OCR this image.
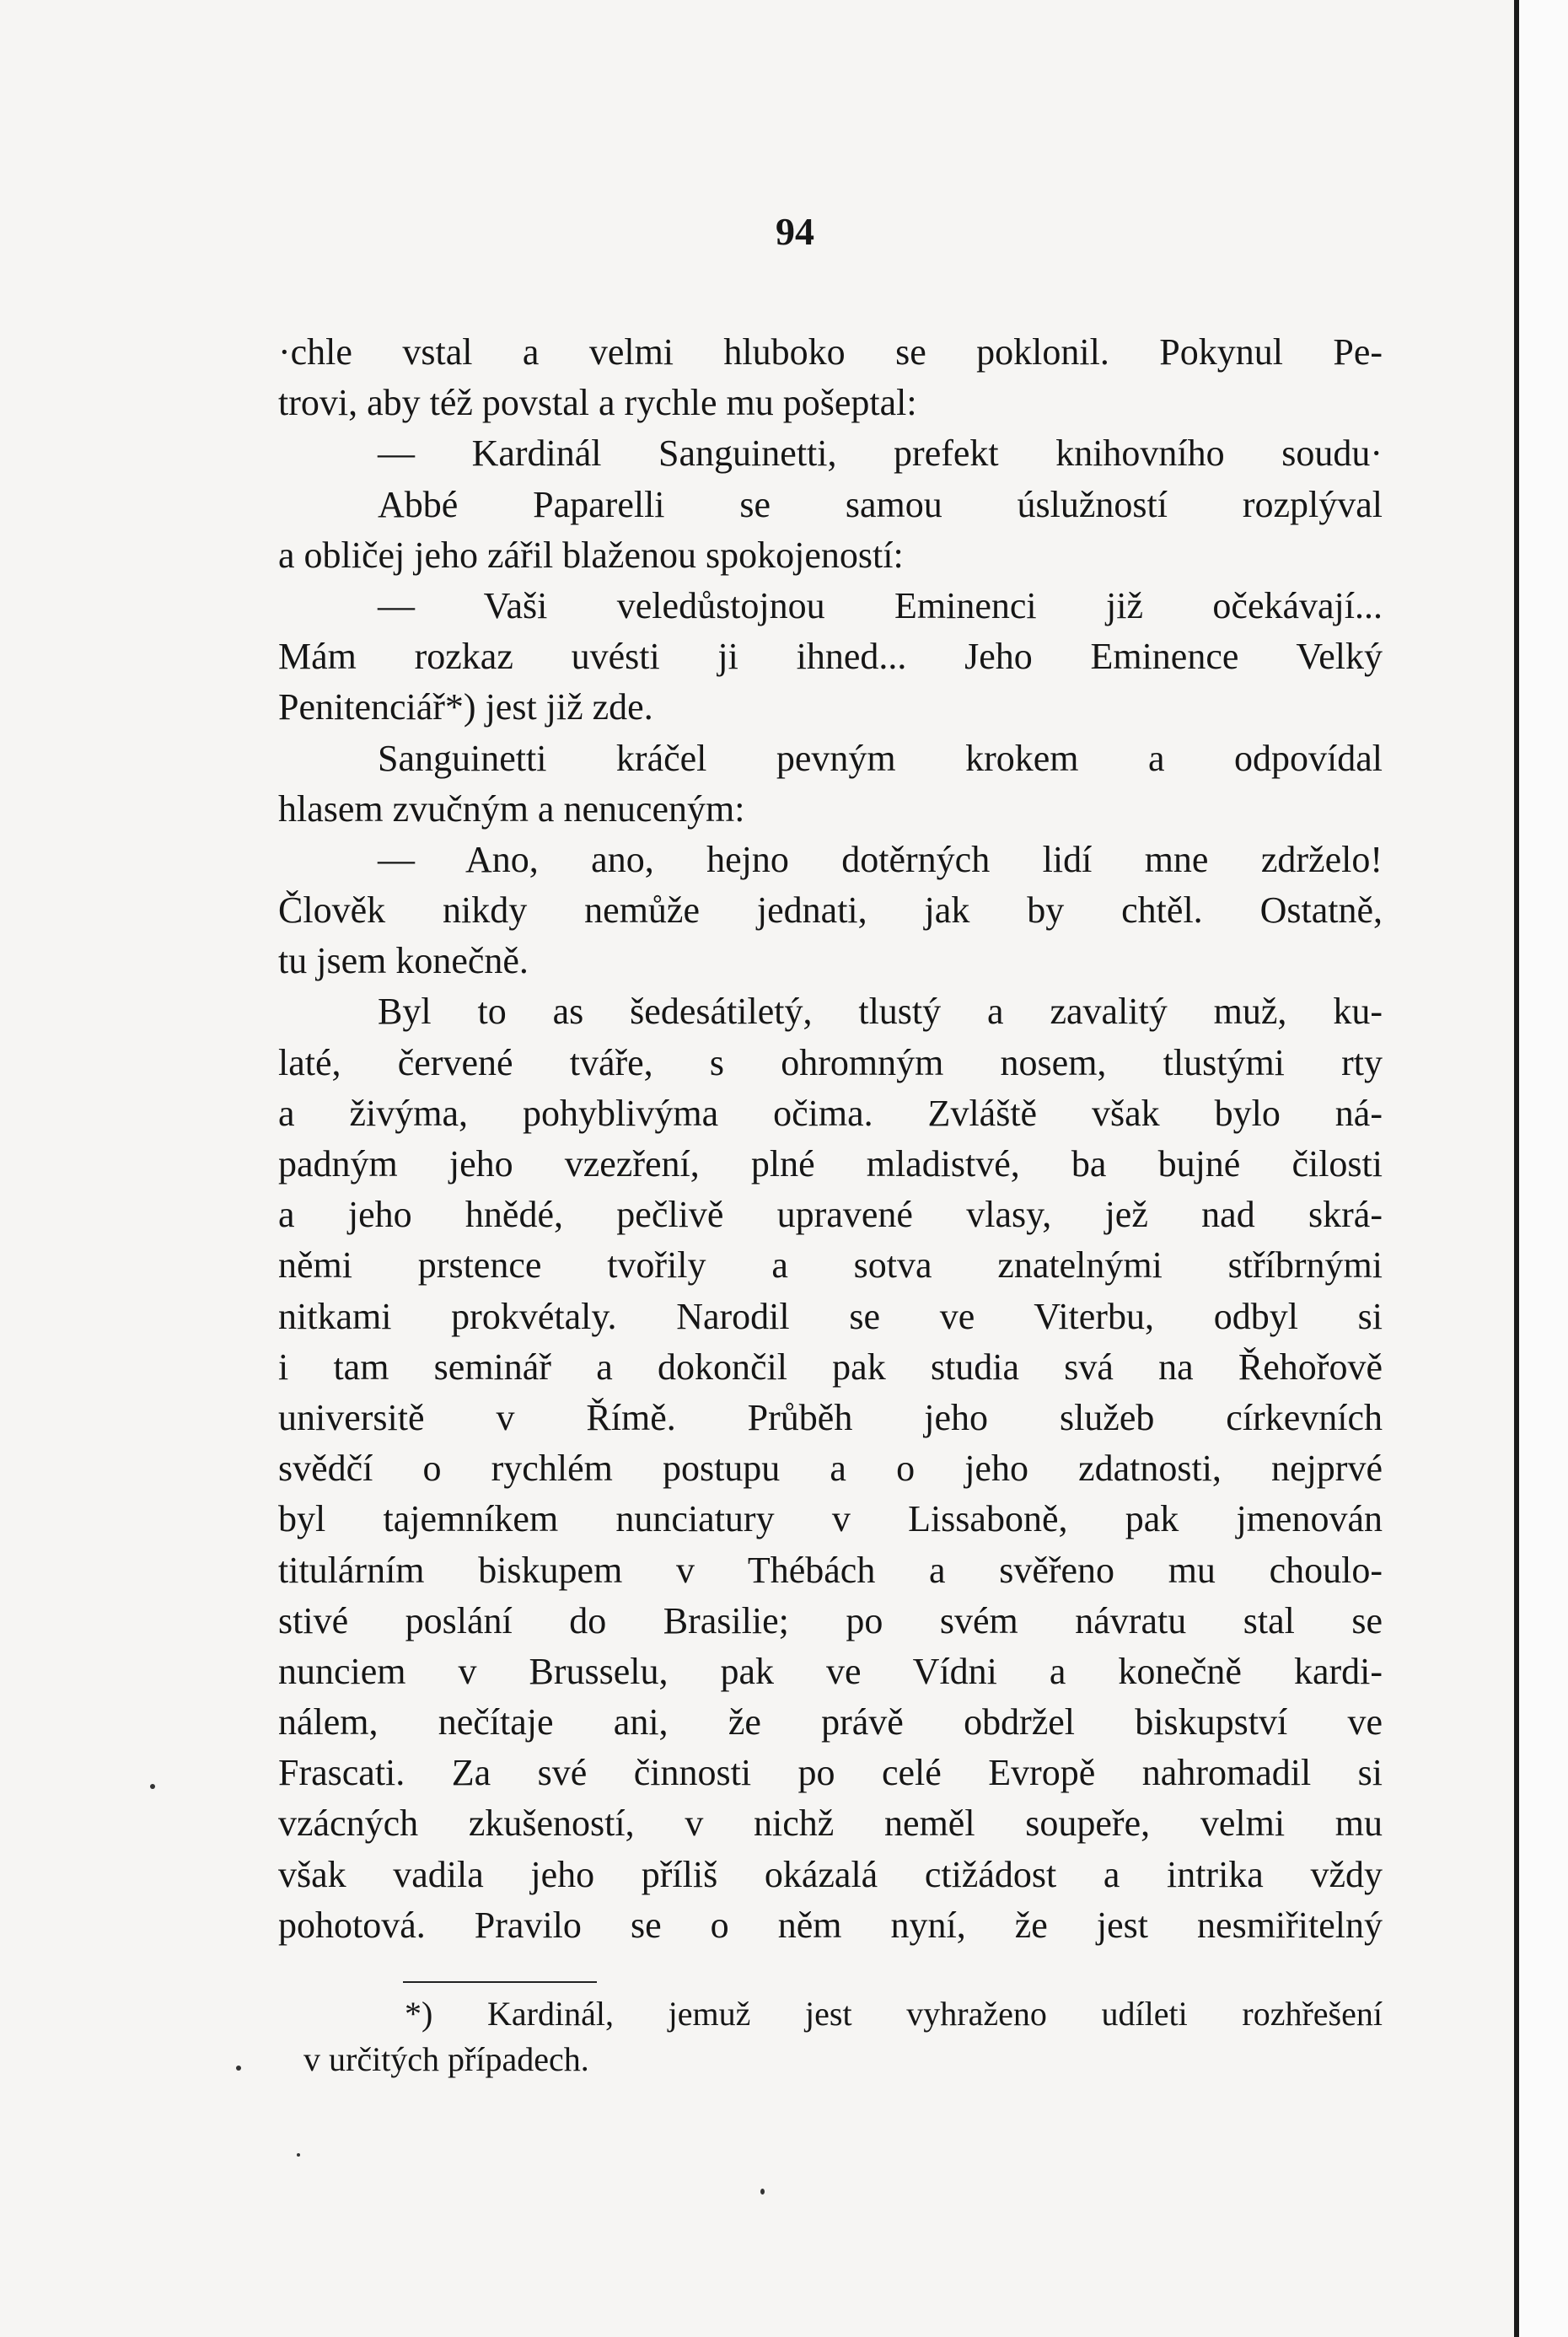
94
·chle vstal a velmi hluboko se poklonil. Pokynul Pe-
trovi, aby též povstal a rychle mu pošeptal:
— Kardinál Sanguinetti, prefekt knihovního soudu·
Abbé Paparelli se samou úslužností rozplýval
a obličej jeho zářil blaženou spokojeností:
— Vaši veledůstojnou Eminenci již očekávají...
Mám rozkaz uvésti ji ihned... Jeho Eminence Velký
Penitenciář*) jest již zde.
Sanguinetti kráčel pevným krokem a odpovídal
hlasem zvučným a nenuceným:
— Ano, ano, hejno dotěrných lidí mne zdrželo!
Člověk nikdy nemůže jednati, jak by chtěl. Ostatně,
tu jsem konečně.
Byl to as šedesátiletý, tlustý a zavalitý muž, ku-
laté, červené tváře, s ohromným nosem, tlustými rty
a živýma, pohyblivýma očima. Zvláště však bylo ná-
padným jeho vzezření, plné mladistvé, ba bujné čilosti
a jeho hnědé, pečlivě upravené vlasy, jež nad skrá-
němi prstence tvořily a sotva znatelnými stříbrnými
nitkami prokvétaly. Narodil se ve Viterbu, odbyl si
i tam seminář a dokončil pak studia svá na Řehořově
universitě v Římě. Průběh jeho služeb církevních
svědčí o rychlém postupu a o jeho zdatnosti, nejprvé
byl tajemníkem nunciatury v Lissaboně, pak jmenován
titulárním biskupem v Thébách a svěřeno mu choulo-
stivé poslání do Brasilie; po svém návratu stal se
nunciem v Brusselu, pak ve Vídni a konečně kardi-
nálem, nečítaje ani, že právě obdržel biskupství ve
Frascati. Za své činnosti po celé Evropě nahromadil si
vzácných zkušeností, v nichž neměl soupeře, velmi mu
však vadila jeho příliš okázalá ctižádost a intrika vždy
pohotová. Pravilo se o něm nyní, že jest nesmiřitelný
*) Kardinál, jemuž jest vyhraženo udíleti rozhřešení
v určitých případech.
